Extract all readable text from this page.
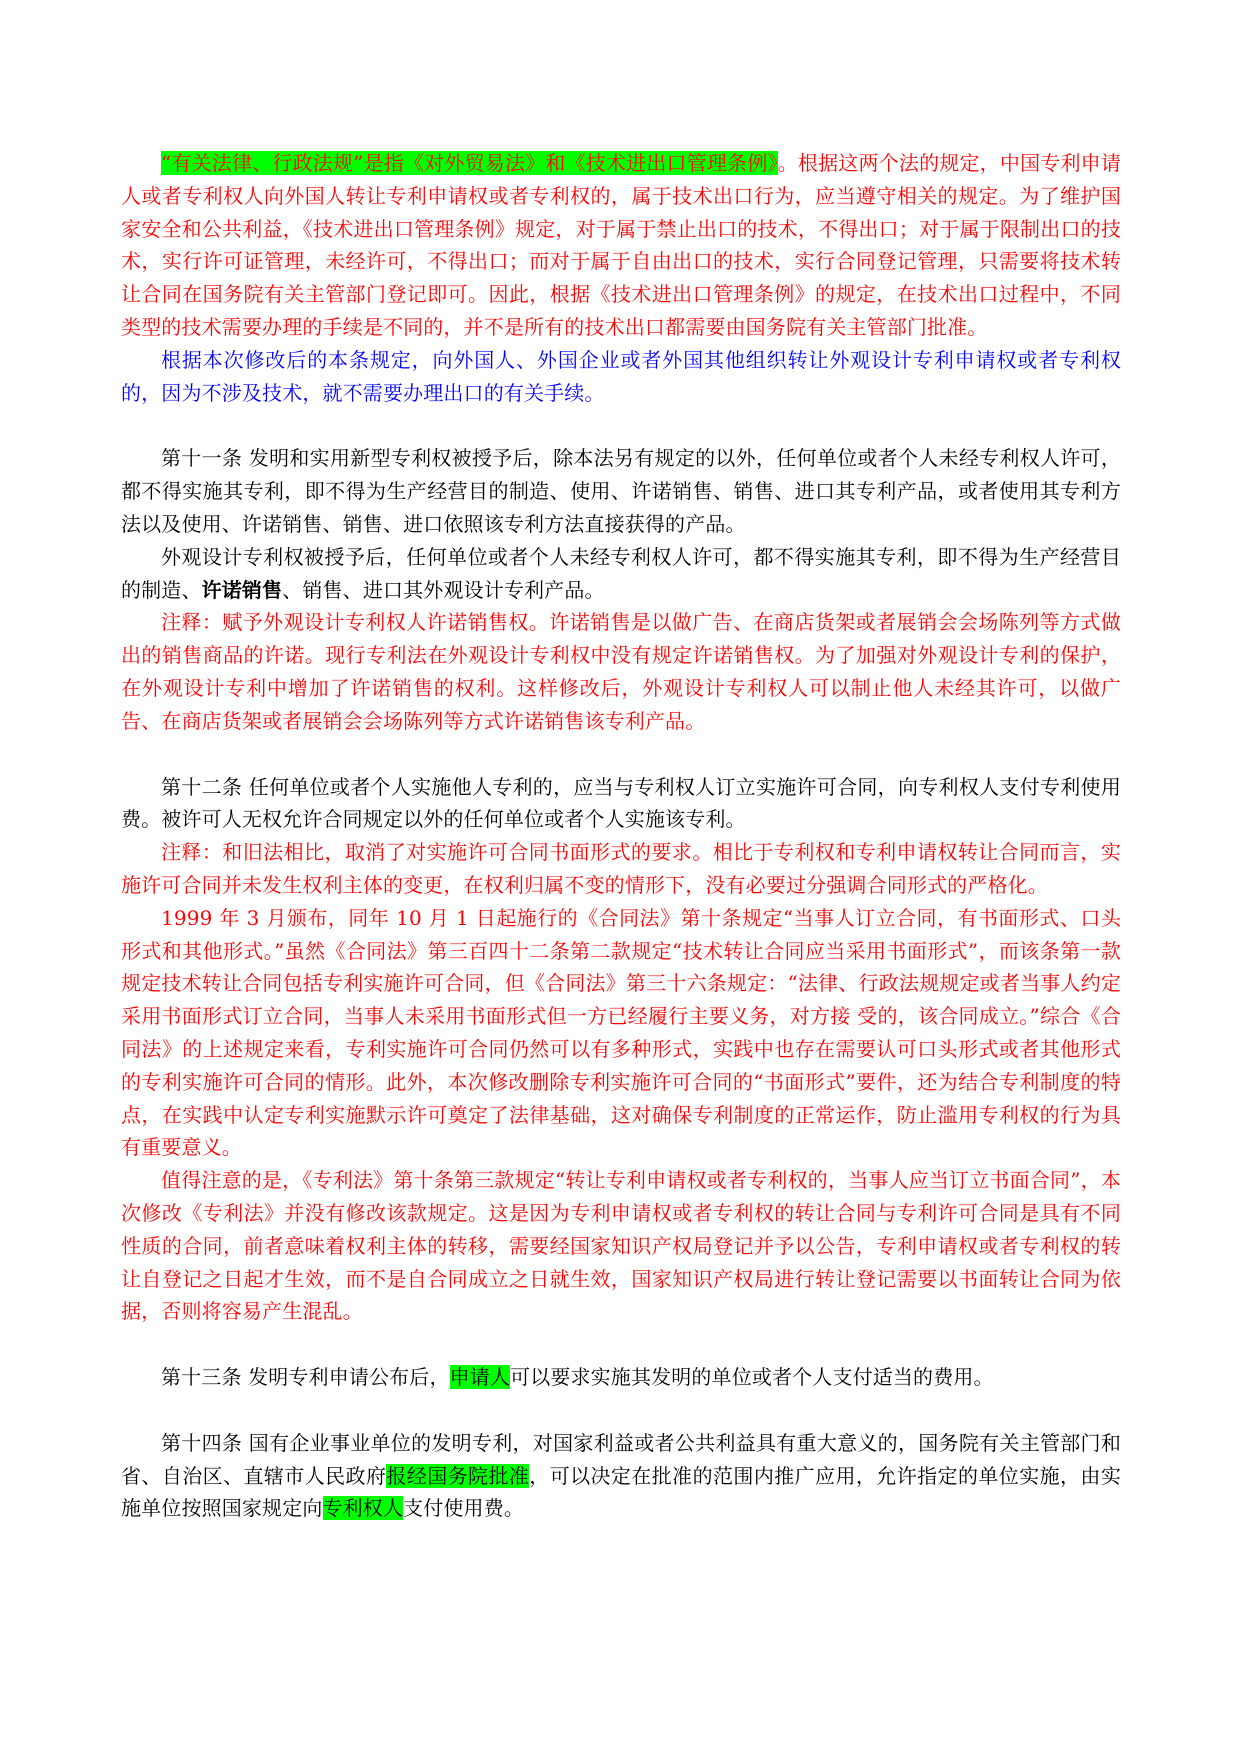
“有关法律、行政法规”是指《对外贸易法》和《技术进出口管理条例》。根据这两个法的规定，中国专利申请人或者专利权人向外国人转让专利申请权或者专利权的，属于技术出口行为，应当遵守相关的规定。为了维护国家安全和公共利益，《技术进出口管理条例》规定，对于属于禁止出口的技术，不得出口；对于属于限制出口的技术，实行许可证管理，未经许可，不得出口；而对于属于自由出口的技术，实行合同登记管理，只需要将技术转让合同在国务院有关主管部门登记即可。因此，根据《技术进出口管理条例》的规定，在技术出口过程中，不同类型的技术需要办理的手续是不同的，并不是所有的技术出口都需要由国务院有关主管部门批准。

根据本次修改后的本条规定，向外国人、外国企业或者外国其他组织转让外观设计专利申请权或者专利权的，因为不涉及技术，就不需要办理出口的有关手续。

第十一条 发明和实用新型专利权被授予后，除本法另有规定的以外，任何单位或者个人未经专利权人许可，都不得实施其专利，即不得为生产经营目的制造、使用、许诺销售、销售、进口其专利产品，或者使用其专利方法以及使用、许诺销售、销售、进口依照该专利方法直接获得的产品。

外观设计专利权被授予后，任何单位或者个人未经专利权人许可，都不得实施其专利，即不得为生产经营目的制造、许诺销售、销售、进口其外观设计专利产品。

注释：赋予外观设计专利权人许诺销售权。许诺销售是以做广告、在商店货架或者展销会会场陈列等方式做出的销售商品的许诺。现行专利法在外观设计专利权中没有规定许诺销售权。为了加强对外观设计专利的保护，在外观设计专利中增加了许诺销售的权利。这样修改后，外观设计专利权人可以制止他人未经其许可，以做广告、在商店货架或者展销会会场陈列等方式许诺销售该专利产品。

第十二条 任何单位或者个人实施他人专利的，应当与专利权人订立实施许可合同，向专利权人支付专利使用费。被许可人无权允许合同规定以外的任何单位或者个人实施该专利。

注释：和旧法相比，取消了对实施许可合同书面形式的要求。相比于专利权和专利申请权转让合同而言，实施许可合同并未发生权利主体的变更，在权利归属不变的情形下，没有必要过分强调合同形式的严格化。

1999 年 3 月颁布，同年 10 月 1 日起施行的《合同法》第十条规定“当事人订立合同，有书面形式、口头形式和其他形式。”虽然《合同法》第三百四十二条第二款规定“技术转让合同应当采用书面形式”，而该条第一款规定技术转让合同包括专利实施许可合同，但《合同法》第三十六条规定：“法律、行政法规规定或者当事人约定采用书面形式订立合同，当事人未采用书面形式但一方已经履行主要义务，对方接 受的，该合同成立。”综合《合同法》的上述规定来看，专利实施许可合同仍然可以有多种形式，实践中也存在需要认可口头形式或者其他形式的专利实施许可合同的情形。此外，本次修改删除专利实施许可合同的“书面形式”要件，还为结合专利制度的特点，在实践中认定专利实施默示许可奠定了法律基础，这对确保专利制度的正常运作，防止滥用专利权的行为具有重要意义。

值得注意的是，《专利法》第十条第三款规定“转让专利申请权或者专利权的，当事人应当订立书面合同”，本次修改《专利法》并没有修改该款规定。这是因为专利申请权或者专利权的转让合同与专利许可合同是具有不同性质的合同，前者意味着权利主体的转移，需要经国家知识产权局登记并予以公告，专利申请权或者专利权的转让自登记之日起才生效，而不是自合同成立之日就生效，国家知识产权局进行转让登记需要以书面转让合同为依据，否则将容易产生混乱。

第十三条 发明专利申请公布后，申请人可以要求实施其发明的单位或者个人支付适当的费用。

第十四条 国有企业事业单位的发明专利，对国家利益或者公共利益具有重大意义的，国务院有关主管部门和省、自治区、直辖市人民政府报经国务院批准，可以决定在批准的范围内推广应用，允许指定的单位实施，由实施单位按照国家规定向专利权人支付使用费。
